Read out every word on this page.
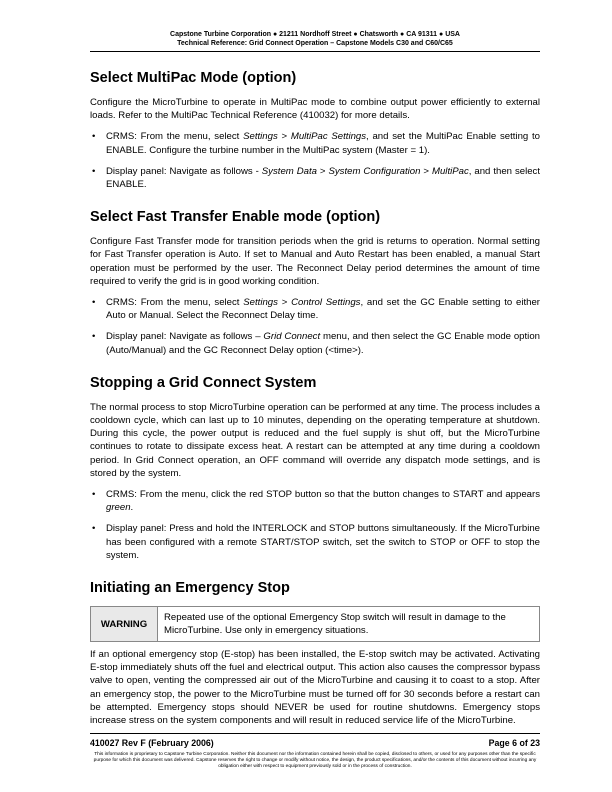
Capstone Turbine Corporation ● 21211 Nordhoff Street ● Chatsworth ● CA 91311 ● USA
Technical Reference: Grid Connect Operation – Capstone Models C30 and C60/C65
Select MultiPac Mode (option)

Configure the MicroTurbine to operate in MultiPac mode to combine output power efficiently to external loads. Refer to the MultiPac Technical Reference (410032) for more details.

• CRMS: From the menu, select Settings > MultiPac Settings, and set the MultiPac Enable setting to ENABLE. Configure the turbine number in the MultiPac system (Master = 1).
• Display panel: Navigate as follows - System Data > System Configuration > MultiPac, and then select ENABLE.
Select Fast Transfer Enable mode (option)

Configure Fast Transfer mode for transition periods when the grid is returns to operation. Normal setting for Fast Transfer operation is Auto. If set to Manual and Auto Restart has been enabled, a manual Start operation must be performed by the user. The Reconnect Delay period determines the amount of time required to verify the grid is in good working condition.

• CRMS: From the menu, select Settings > Control Settings, and set the GC Enable setting to either Auto or Manual. Select the Reconnect Delay time.
• Display panel: Navigate as follows – Grid Connect menu, and then select the GC Enable mode option (Auto/Manual) and the GC Reconnect Delay option (<time>).
Stopping a Grid Connect System

The normal process to stop MicroTurbine operation can be performed at any time. The process includes a cooldown cycle, which can last up to 10 minutes, depending on the operating temperature at shutdown. During this cycle, the power output is reduced and the fuel supply is shut off, but the MicroTurbine continues to rotate to dissipate excess heat. A restart can be attempted at any time during a cooldown period. In Grid Connect operation, an OFF command will override any dispatch mode settings, and is stored by the system.

• CRMS: From the menu, click the red STOP button so that the button changes to START and appears green.
• Display panel: Press and hold the INTERLOCK and STOP buttons simultaneously. If the MicroTurbine has been configured with a remote START/STOP switch, set the switch to STOP or OFF to stop the system.
Initiating an Emergency Stop
WARNING
Repeated use of the optional Emergency Stop switch will result in damage to the MicroTurbine. Use only in emergency situations.

If an optional emergency stop (E-stop) has been installed, the E-stop switch may be activated. Activating E-stop immediately shuts off the fuel and electrical output. This action also causes the compressor bypass valve to open, venting the compressed air out of the MicroTurbine and causing it to coast to a stop. After an emergency stop, the power to the MicroTurbine must be turned off for 30 seconds before a restart can be attempted. Emergency stops should NEVER be used for routine shutdowns. Emergency stops increase stress on the system components and will result in reduced service life of the MicroTurbine.

410027 Rev F (February 2006)	Page 6 of 23
This information is proprietary to Capstone Turbine Corporation. Neither this document nor the information contained herein shall be copied, disclosed to others, or used for any purposes other than the specific purpose for which this document was delivered. Capstone reserves the right to change or modify without notice, the design, the product specifications, and/or the contents of this document without incurring any obligation either with respect to equipment previously sold or in the process of construction.
